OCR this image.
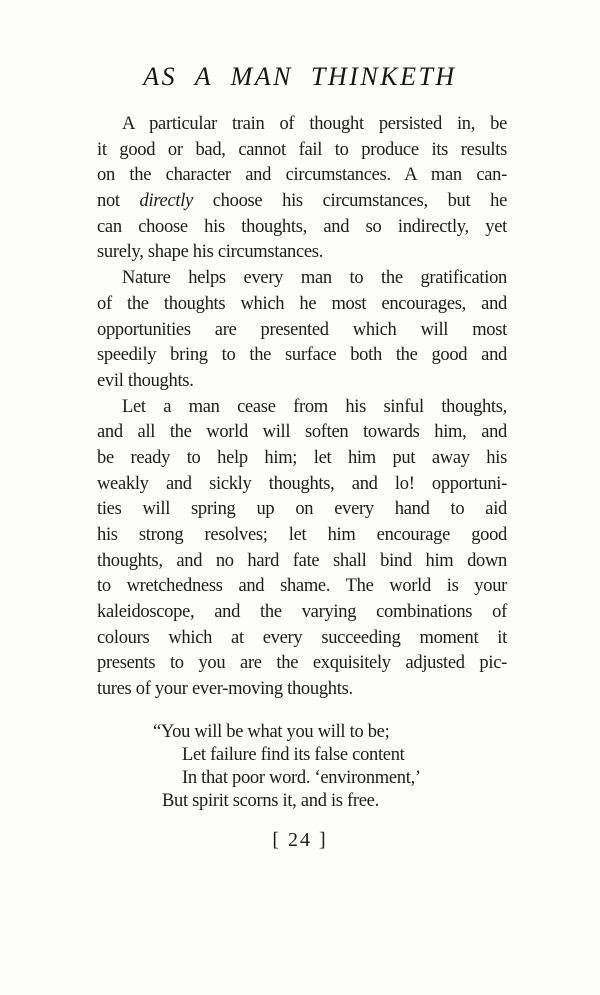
AS A MAN THINKETH
A particular train of thought persisted in, be
it good or bad, cannot fail to produce its results
on the character and circumstances. A man can-
not directly choose his circumstances, but he
can choose his thoughts, and so indirectly, yet
surely, shape his circumstances.
Nature helps every man to the gratification
of the thoughts which he most encourages, and
opportunities are presented which will most
speedily bring to the surface both the good and
evil thoughts.
Let a man cease from his sinful thoughts,
and all the world will soften towards him, and
be ready to help him; let him put away his
weakly and sickly thoughts, and lo! opportuni-
ties will spring up on every hand to aid
his strong resolves; let him encourage good
thoughts, and no hard fate shall bind him down
to wretchedness and shame. The world is your
kaleidoscope, and the varying combinations of
colours which at every succeeding moment it
presents to you are the exquisitely adjusted pic-
tures of your ever-moving thoughts.
“You will be what you will to be;
Let failure find its false content
In that poor word. ‘environment,’
But spirit scorns it, and is free.
[ 24 ]
